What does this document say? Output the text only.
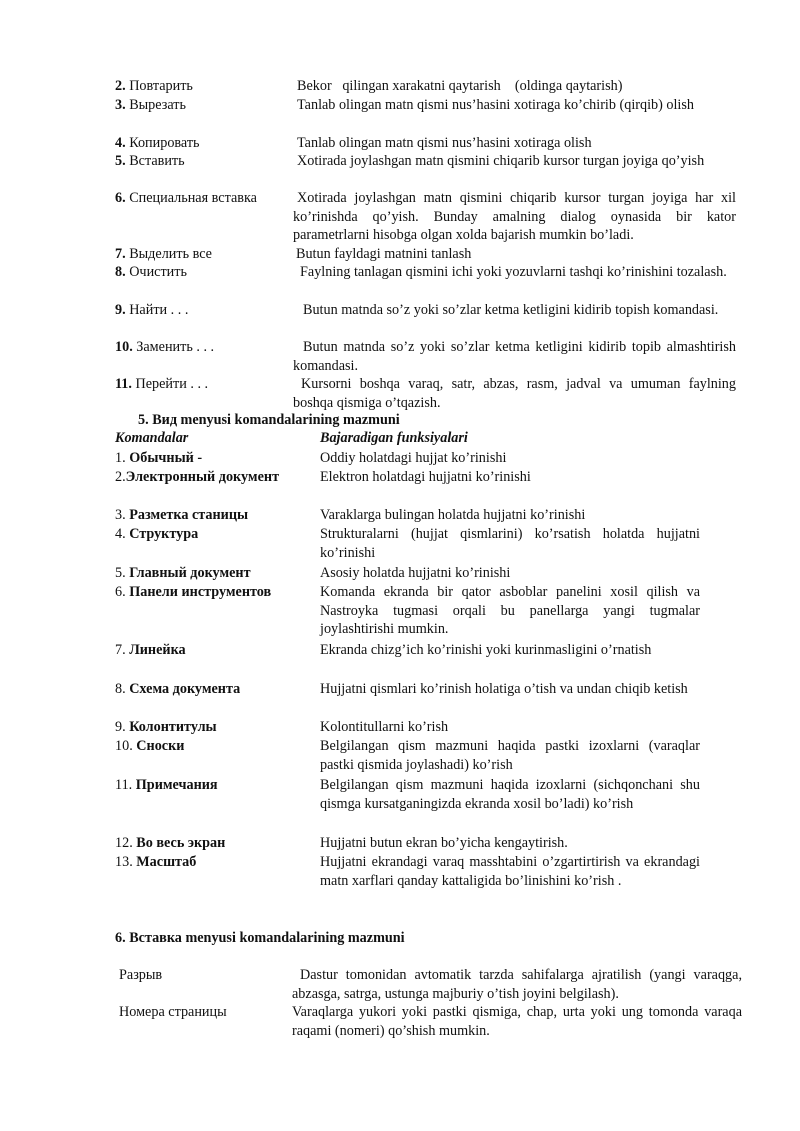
2. Повтарить	Bekor   qilingan xarakatni qaytarish    (oldinga qaytarish)
3. Вырезать	Tanlab olingan matn qismi nus’hasini xotiraga ko’chirib (qirqib) olish
4. Копировать	Tanlab olingan matn qismi nus’hasini xotiraga olish
5. Вставить	Xotirada joylashgan matn qismini chiqarib kursor turgan joyiga qo’yish
6. Специальная вставка	Xotirada joylashgan matn qismini chiqarib kursor turgan joyiga har xil ko’rinishda qo’yish. Bunday amalning dialog oynasida bir kator parametrlarni hisobga olgan xolda bajarish mumkin bo’ladi.
7. Выделить все	Butun fayldagi matnini tanlash
8. Очистить	Faylning tanlagan qismini ichi yoki yozuvlarni tashqi ko’rinishini tozalash.
9. Найти . . .	Butun matnda so’z yoki so’zlar ketma ketligini kidirib topish komandasi.
10. Заменить . . .	Butun matnda so’z yoki so’zlar ketma ketligini kidirib topib almashtirish komandasi.
11. Перейти . . .	Kursorni boshqa varaq, satr, abzas, rasm, jadval va umuman faylning boshqa qismiga o’tqazish.
5. Вид menyusi komandalarining mazmuni
Komandalar	Bajaradigan funksiyalari
1. Обычный -	Oddiy holatdagi hujjat ko’rinishi
2.Электронный документ	Elektron holatdagi hujjatni ko’rinishi
3. Разметка станицы	Varaklarga bulingan holatda hujjatni ko’rinishi
4. Структура	Strukturalarni (hujjat qismlarini) ko’rsatish holatda hujjatni ko’rinishi
5. Главный документ	Asosiy holatda hujjatni ko’rinishi
6. Панели инструментов	Komanda ekranda bir qator asboblar panelini xosil qilish va Nastroyka tugmasi orqali bu panellarga yangi tugmalar joylashtirishi mumkin.
7. Линейка	Ekranda chizg’ich ko’rinishi yoki kurinmasligini o’rnatish
8. Схема документа	Hujjatni qismlari ko’rinish holatiga o’tish va undan chiqib ketish
9. Колонтитулы	Kolontitullarni ko’rish
10. Сноски	Belgilangan qism mazmuni haqida pastki izoxlarni (varaqlar pastki qismida joylashadi) ko’rish
11. Примечания	Belgilangan qism mazmuni haqida izoxlarni (sichqonchani shu qismga kursatganingizda ekranda xosil bo’ladi) ko’rish
12. Во весь экран	Hujjatni butun ekran bo’yicha kengaytirish.
13. Масштаб	Hujjatni ekrandagi varaq masshtabini o’zgartirtirish va ekrandagi matn xarflari qanday kattaligida bo’linishini ko’rish .
6. Вставка menyusi komandalarining mazmuni
Разрыв	Dastur tomonidan avtomatik tarzda sahifalarga ajratilish (yangi varaqga, abzasga, satrga, ustunga majburiy o’tish joyini belgilash).
Номера страницы	Varaqlarga yukori yoki pastki qismiga, chap, urta yoki ung tomonda varaqa raqami (nomeri) qo’shish mumkin.
